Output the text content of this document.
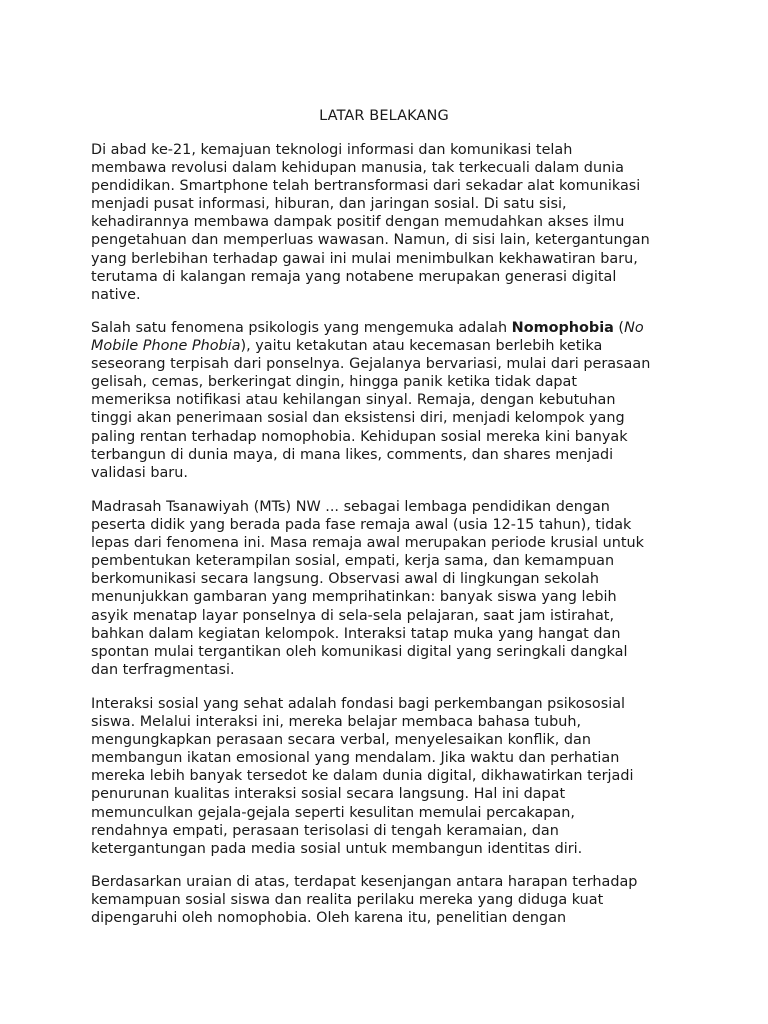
LATAR BELAKANG

Di abad ke-21, kemajuan teknologi informasi dan komunikasi telah
membawa revolusi dalam kehidupan manusia, tak terkecuali dalam dunia
pendidikan. Smartphone telah bertransformasi dari sekadar alat komunikasi
menjadi pusat informasi, hiburan, dan jaringan sosial. Di satu sisi,
kehadirannya membawa dampak positif dengan memudahkan akses ilmu
pengetahuan dan memperluas wawasan. Namun, di sisi lain, ketergantungan
yang berlebihan terhadap gawai ini mulai menimbulkan kekhawatiran baru,
terutama di kalangan remaja yang notabene merupakan generasi digital
native.

Salah satu fenomena psikologis yang mengemuka adalah Nomophobia (No
Mobile Phone Phobia), yaitu ketakutan atau kecemasan berlebih ketika
seseorang terpisah dari ponselnya. Gejalanya bervariasi, mulai dari perasaan
gelisah, cemas, berkeringat dingin, hingga panik ketika tidak dapat
memeriksa notifikasi atau kehilangan sinyal. Remaja, dengan kebutuhan
tinggi akan penerimaan sosial dan eksistensi diri, menjadi kelompok yang
paling rentan terhadap nomophobia. Kehidupan sosial mereka kini banyak
terbangun di dunia maya, di mana likes, comments, dan shares menjadi
validasi baru.

Madrasah Tsanawiyah (MTs) NW ... sebagai lembaga pendidikan dengan
peserta didik yang berada pada fase remaja awal (usia 12-15 tahun), tidak
lepas dari fenomena ini. Masa remaja awal merupakan periode krusial untuk
pembentukan keterampilan sosial, empati, kerja sama, dan kemampuan
berkomunikasi secara langsung. Observasi awal di lingkungan sekolah
menunjukkan gambaran yang memprihatinkan: banyak siswa yang lebih
asyik menatap layar ponselnya di sela-sela pelajaran, saat jam istirahat,
bahkan dalam kegiatan kelompok. Interaksi tatap muka yang hangat dan
spontan mulai tergantikan oleh komunikasi digital yang seringkali dangkal
dan terfragmentasi.

Interaksi sosial yang sehat adalah fondasi bagi perkembangan psikososial
siswa. Melalui interaksi ini, mereka belajar membaca bahasa tubuh,
mengungkapkan perasaan secara verbal, menyelesaikan konflik, dan
membangun ikatan emosional yang mendalam. Jika waktu dan perhatian
mereka lebih banyak tersedot ke dalam dunia digital, dikhawatirkan terjadi
penurunan kualitas interaksi sosial secara langsung. Hal ini dapat
memunculkan gejala-gejala seperti kesulitan memulai percakapan,
rendahnya empati, perasaan terisolasi di tengah keramaian, dan
ketergantungan pada media sosial untuk membangun identitas diri.

Berdasarkan uraian di atas, terdapat kesenjangan antara harapan terhadap
kemampuan sosial siswa dan realita perilaku mereka yang diduga kuat
dipengaruhi oleh nomophobia. Oleh karena itu, penelitian dengan
